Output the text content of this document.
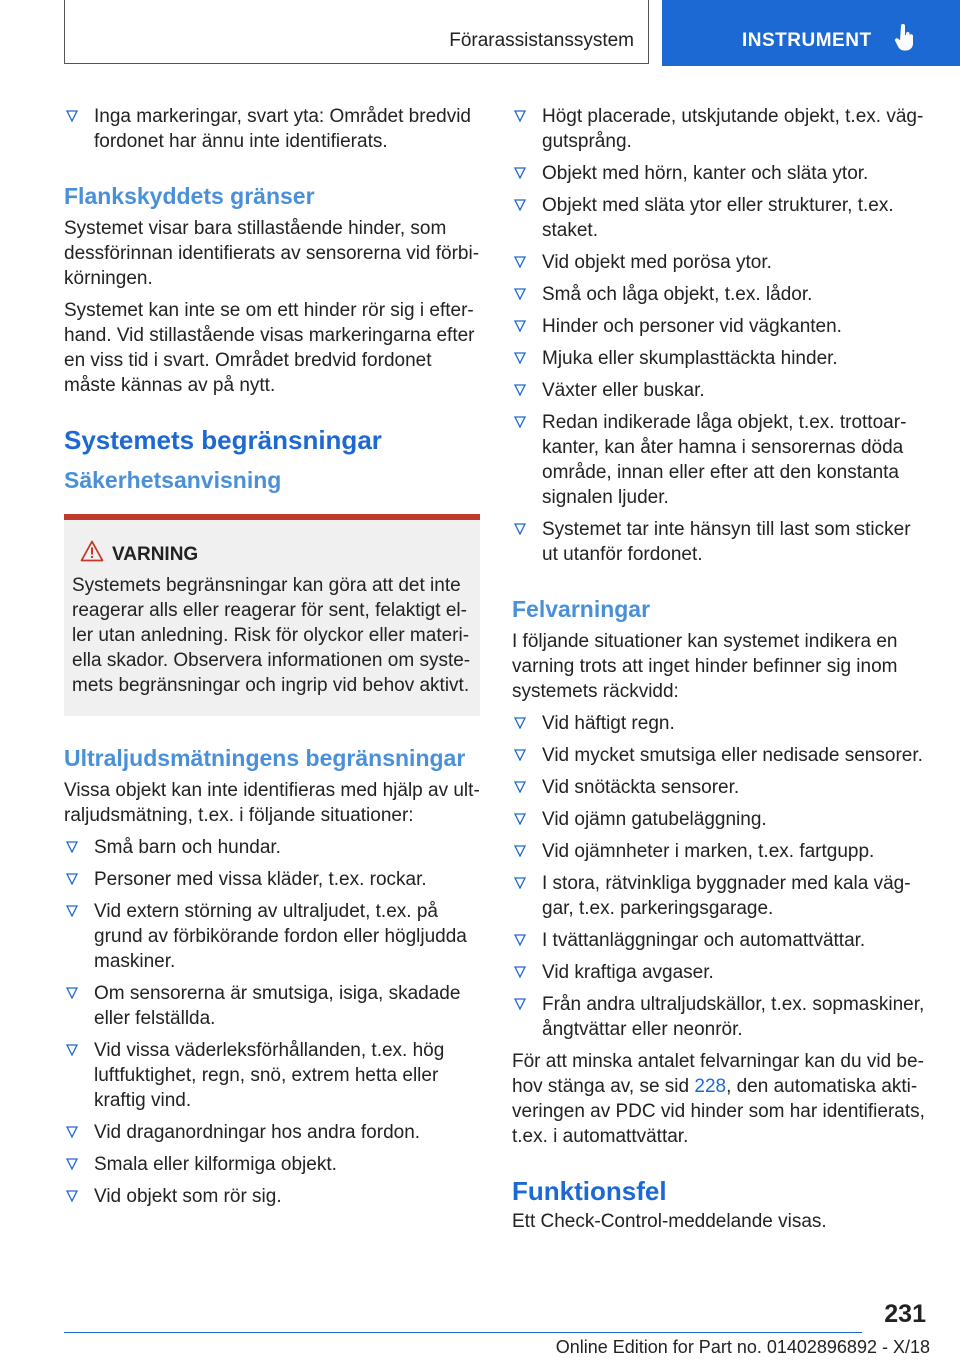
Förarassistanssystem	INSTRUMENT
Inga markeringar, svart yta: Området bredvid fordonet har ännu inte identifierats.
Flankskyddets gränser

Systemet visar bara stillastående hinder, som dessförinnan identifierats av sensorerna vid förbikörningen.

Systemet kan inte se om ett hinder rör sig i efterhand. Vid stillastående visas markeringarna efter en viss tid i svart. Området bredvid fordonet måste kännas av på nytt.

Systemets begränsningar
Säkerhetsanvisning
VARNING
Systemets begränsningar kan göra att det inte reagerar alls eller reagerar för sent, felaktigt eller utan anledning. Risk för olyckor eller materiella skador. Observera informationen om systemets begränsningar och ingrip vid behov aktivt.
Ultraljudsmätningens begränsningar

Vissa objekt kan inte identifieras med hjälp av ultraljudsmätning, t.ex. i följande situationer:

Små barn och hundar.
Personer med vissa kläder, t.ex. rockar.
Vid extern störning av ultraljudet, t.ex. på grund av förbikörande fordon eller högljudda maskiner.
Om sensorerna är smutsiga, isiga, skadade eller felställda.
Vid vissa väderleksförhållanden, t.ex. hög luftfuktighet, regn, snö, extrem hetta eller kraftig vind.
Vid draganordningar hos andra fordon.
Smala eller kilformiga objekt.
Vid objekt som rör sig.
Högt placerade, utskjutande objekt, t.ex. väggutsprång.
Objekt med hörn, kanter och släta ytor.
Objekt med släta ytor eller strukturer, t.ex. staket.
Vid objekt med porösa ytor.
Små och låga objekt, t.ex. lådor.
Hinder och personer vid vägkanten.
Mjuka eller skumplasttäckta hinder.
Växter eller buskar.
Redan indikerade låga objekt, t.ex. trottoarkanter, kan åter hamna i sensorernas döda område, innan eller efter att den konstanta signalen ljuder.
Systemet tar inte hänsyn till last som sticker ut utanför fordonet.
Felvarningar

I följande situationer kan systemet indikera en varning trots att inget hinder befinner sig inom systemets räckvidd:

Vid häftigt regn.
Vid mycket smutsiga eller nedisade sensorer.
Vid snötäckta sensorer.
Vid ojämn gatubeläggning.
Vid ojämnheter i marken, t.ex. fartgupp.
I stora, rätvinkliga byggnader med kala väggar, t.ex. parkeringsgarage.
I tvättanläggningar och automattvättar.
Vid kraftiga avgaser.
Från andra ultraljudskällor, t.ex. sopmaskiner, ångtvättar eller neonrör.

För att minska antalet felvarningar kan du vid behov stänga av, se sid 228, den automatiska aktiveringen av PDC vid hinder som har identifierats, t.ex. i automattvättar.

Funktionsfel

Ett Check-Control-meddelande visas.

231
Online Edition for Part no. 01402896892 - X/18
